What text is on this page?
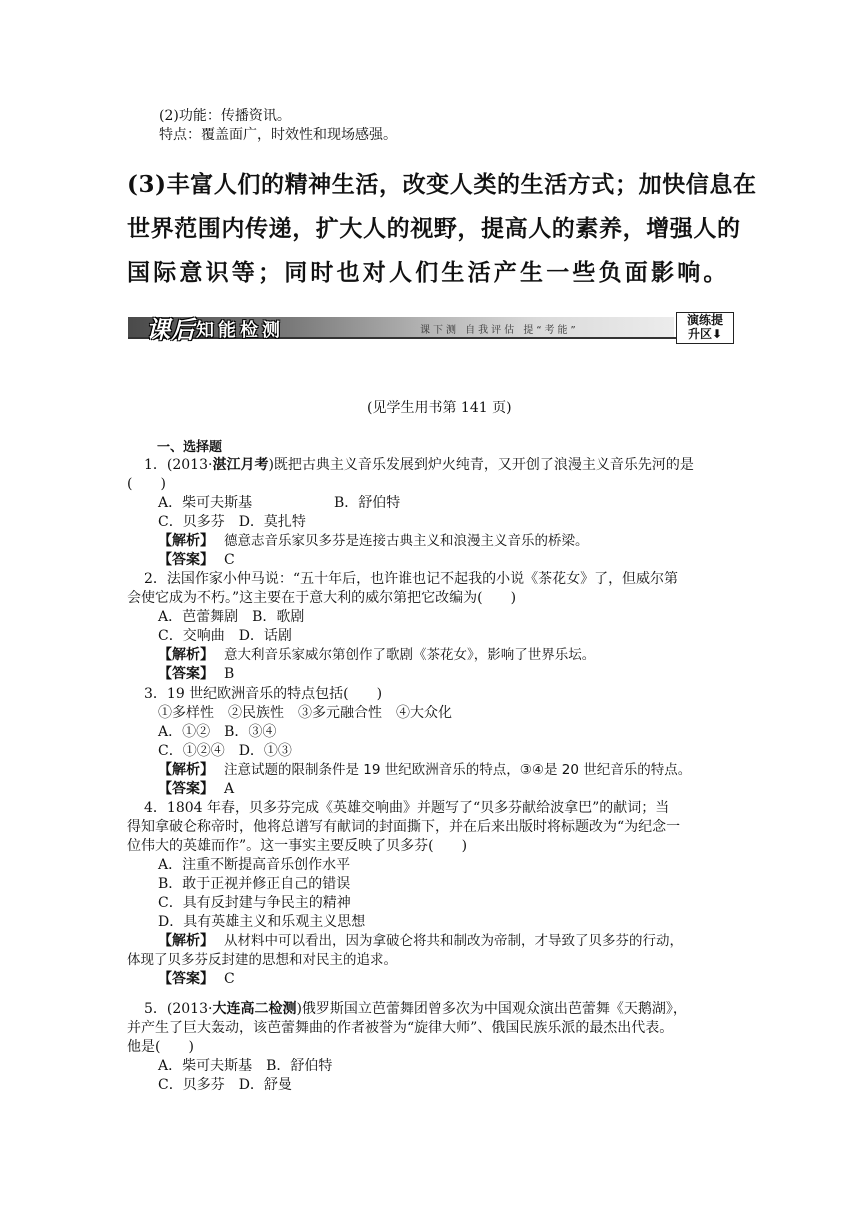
(2)功能：传播资讯。
特点：覆盖面广，时效性和现场感强。
(3)丰富人们的精神生活，改变人类的生活方式；加快信息在
世界范围内传递，扩大人的视野，提高人的素养，增强人的
国际意识等；同时也对人们生活产生一些负面影响。
课后知能检测	课下测 自我评估 提“考能”
演练提
升区⬇
(见学生用书第 141 页)
一、选择题
1．(2013·湛江月考)既把古典主义音乐发展到炉火纯青，又开创了浪漫主义音乐先河的是
(　　)
A．柴可夫斯基	B．舒伯特
C．贝多芬　D．莫扎特
【解析】 德意志音乐家贝多芬是连接古典主义和浪漫主义音乐的桥梁。
【答案】 C
2．法国作家小仲马说：“五十年后，也许谁也记不起我的小说《茶花女》了，但威尔第
会使它成为不朽。”这主要在于意大利的威尔第把它改编为(　　)
A．芭蕾舞剧　B．歌剧
C．交响曲　D．话剧
【解析】 意大利音乐家威尔第创作了歌剧《茶花女》，影响了世界乐坛。
【答案】 B
3．19 世纪欧洲音乐的特点包括(　　)
①多样性　②民族性　③多元融合性　④大众化
A．①②　B．③④
C．①②④　D．①③
【解析】 注意试题的限制条件是 19 世纪欧洲音乐的特点，③④是 20 世纪音乐的特点。
【答案】 A
4．1804 年春，贝多芬完成《英雄交响曲》并题写了“贝多芬献给波拿巴”的献词；当
得知拿破仑称帝时，他将总谱写有献词的封面撕下，并在后来出版时将标题改为“为纪念一
位伟大的英雄而作”。这一事实主要反映了贝多芬(　　)
A．注重不断提高音乐创作水平
B．敢于正视并修正自己的错误
C．具有反封建与争民主的精神
D．具有英雄主义和乐观主义思想
【解析】 从材料中可以看出，因为拿破仑将共和制改为帝制，才导致了贝多芬的行动，
体现了贝多芬反封建的思想和对民主的追求。
【答案】 C
5．(2013·大连高二检测)俄罗斯国立芭蕾舞团曾多次为中国观众演出芭蕾舞《天鹅湖》，
并产生了巨大轰动，该芭蕾舞曲的作者被誉为“旋律大师”、俄国民族乐派的最杰出代表。
他是(　　)
A．柴可夫斯基　B．舒伯特
C．贝多芬　D．舒曼
